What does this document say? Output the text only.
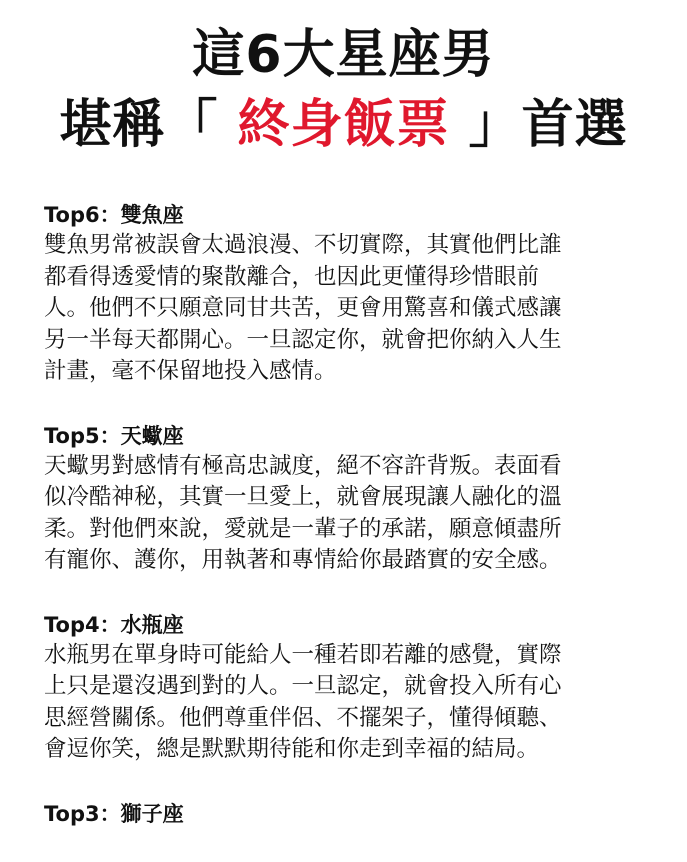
這6大星座男
堪稱「 終身飯票 」首選
Top6：雙魚座
雙魚男常被誤會太過浪漫、不切實際，其實他們比誰
都看得透愛情的聚散離合，也因此更懂得珍惜眼前
人。他們不只願意同甘共苦，更會用驚喜和儀式感讓
另一半每天都開心。一旦認定你，就會把你納入人生
計畫，毫不保留地投入感情。
Top5：天蠍座
天蠍男對感情有極高忠誠度，絕不容許背叛。表面看
似冷酷神秘，其實一旦愛上，就會展現讓人融化的溫
柔。對他們來說，愛就是一輩子的承諾，願意傾盡所
有寵你、護你，用執著和專情給你最踏實的安全感。
Top4：水瓶座
水瓶男在單身時可能給人一種若即若離的感覺，實際
上只是還沒遇到對的人。一旦認定，就會投入所有心
思經營關係。他們尊重伴侶、不擺架子，懂得傾聽、
會逗你笑，總是默默期待能和你走到幸福的結局。
Top3：獅子座
